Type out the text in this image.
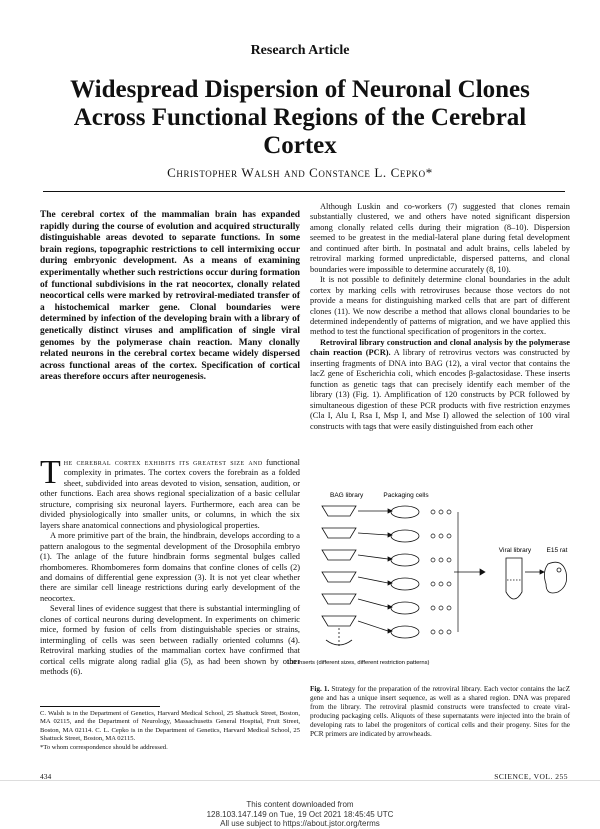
Research Article
Widespread Dispersion of Neuronal Clones Across Functional Regions of the Cerebral Cortex
Christopher Walsh and Constance L. Cepko*
The cerebral cortex of the mammalian brain has expanded rapidly during the course of evolution and acquired structurally distinguishable areas devoted to separate functions. In some brain regions, topographic restrictions to cell intermixing occur during embryonic development. As a means of examining experimentally whether such restrictions occur during formation of functional subdivisions in the rat neocortex, clonally related neocortical cells were marked by retroviral-mediated transfer of a histochemical marker gene. Clonal boundaries were determined by infection of the developing brain with a library of genetically distinct viruses and amplification of single viral genomes by the polymerase chain reaction. Many clonally related neurons in the cerebral cortex became widely dispersed across functional areas of the cortex. Specification of cortical areas therefore occurs after neurogenesis.

The cerebral cortex exhibits its greatest size and functional complexity in primates. The cortex covers the forebrain as a folded sheet, subdivided into areas devoted to vision, sensation, audition, or other functions. Each area shows regional specialization of a basic cellular structure, comprising six neuronal layers. Furthermore, each area can be divided physiologically into smaller units, or columns, in which the six layers share anatomical connections and physiological properties.

A more primitive part of the brain, the hindbrain, develops according to a pattern analogous to the segmental development of the Drosophila embryo (1). The anlage of the future hindbrain forms segmental bulges called rhombomeres. Rhombomeres form domains that confine clones of cells (2) and domains of differential gene expression (3). It is not yet clear whether there are similar cell lineage restrictions during early development of the neocortex.

Several lines of evidence suggest that there is substantial intermingling of clones of cortical neurons during development. In experiments on chimeric mice, formed by fusion of cells from distinguishable species or strains, intermingling of cells was seen between radially oriented columns (4). Retroviral marking studies of the mammalian cortex have confirmed that cortical cells migrate along radial glia (5), as had been shown by other methods (6).

C. Walsh is in the Department of Genetics, Harvard Medical School, 25 Shattuck Street, Boston, MA 02115, and the Department of Neurology, Massachusetts General Hospital, Fruit Street, Boston, MA 02114. C. L. Cepko is in the Department of Genetics, Harvard Medical School, 25 Shattuck Street, Boston, MA 02115.
*To whom correspondence should be addressed.

Although Luskin and co-workers (7) suggested that clones remain substantially clustered, we and others have noted significant dispersion among clonally related cells during their migration (8–10). Dispersion seemed to be greatest in the medial-lateral plane during fetal development and continued after birth. In postnatal and adult brains, cells labeled by retroviral marking formed unpredictable, dispersed patterns, and clonal boundaries were impossible to determine accurately (8, 10).

It is not possible to definitely determine clonal boundaries in the adult cortex by marking cells with retroviruses because those vectors do not provide a means for distinguishing marked cells that are part of different clones (11). We now describe a method that allows clonal boundaries to be determined independently of patterns of migration, and we have applied this method to test the functional specification of progenitors in the cortex.

Retroviral library construction and clonal analysis by the polymerase chain reaction (PCR). A library of retrovirus vectors was constructed by inserting fragments of DNA into BAG (12), a viral vector that contains the lacZ gene of Escherichia coli, which encodes β-galactosidase. These inserts function as genetic tags that can precisely identify each member of the library (13) (Fig. 1). Amplification of 120 constructs by PCR followed by simultaneous digestion of these PCR products with five restriction enzymes (Cla I, Alu I, Rsa I, Msp I, and Mse I) allowed the selection of 100 viral constructs with tags that were easily distinguished from each other

BAG library	Packaging cells
Viral library E15 rat
100 inserts (different sizes, different restriction patterns)
Fig. 1. Strategy for the preparation of the retroviral library. Each vector contains the lacZ gene and has a unique insert sequence, as well as a shared region. DNA was prepared from the library. The retroviral plasmid constructs were transfected to create viral-producing packaging cells. Aliquots of these supernatants were injected into the brain of developing rats to label the progenitors of cortical cells and their progeny. Sites for the PCR primers are indicated by arrowheads.
434	SCIENCE, VOL. 255
This content downloaded from
128.103.147.149 on Tue, 19 Oct 2021 18:45:45 UTC
All use subject to https://about.jstor.org/terms
